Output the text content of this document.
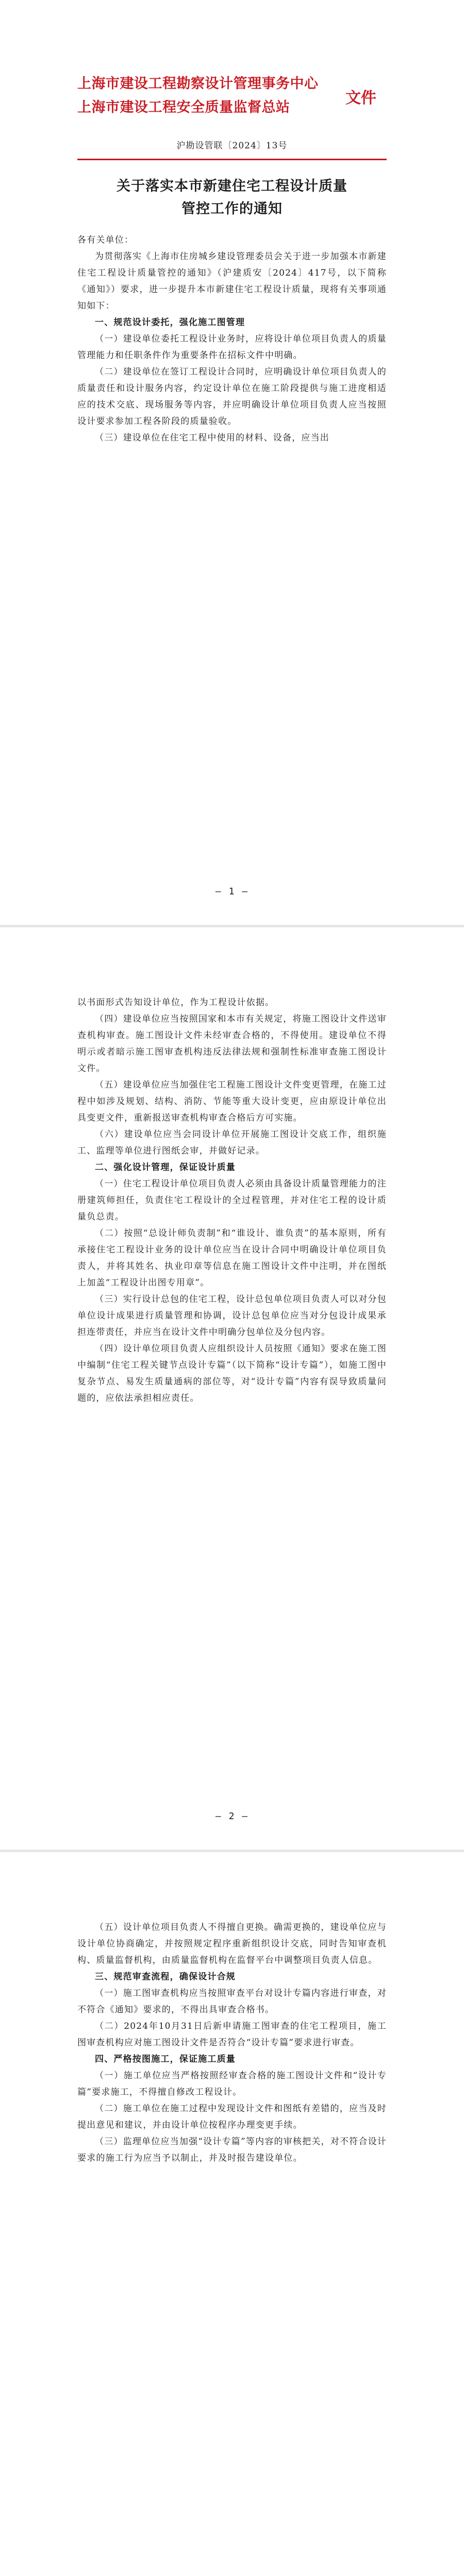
上海市建设工程勘察设计管理事务中心
上海市建设工程安全质量监督总站
文件
沪勘设管联〔2024〕13号
关于落实本市新建住宅工程设计质量
管控工作的通知
各有关单位：
为贯彻落实《上海市住房城乡建设管理委员会关于进一步加强本市新建住宅工程设计质量管控的通知》（沪建质安〔2024〕417号，以下简称《通知》）要求，进一步提升本市新建住宅工程设计质量，现将有关事项通知如下：
一、规范设计委托，强化施工图管理
（一）建设单位委托工程设计业务时，应将设计单位项目负责人的质量管理能力和任职条件作为重要条件在招标文件中明确。
（二）建设单位在签订工程设计合同时，应明确设计单位项目负责人的质量责任和设计服务内容，约定设计单位在施工阶段提供与施工进度相适应的技术交底、现场服务等内容，并应明确设计单位项目负责人应当按照设计要求参加工程各阶段的质量验收。
（三）建设单位在住宅工程中使用的材料、设备，应当出
— 1 —
以书面形式告知设计单位，作为工程设计依据。
（四）建设单位应当按照国家和本市有关规定，将施工图设计文件送审查机构审查。施工图设计文件未经审查合格的，不得使用。建设单位不得明示或者暗示施工图审查机构违反法律法规和强制性标准审查施工图设计文件。
（五）建设单位应当加强住宅工程施工图设计文件变更管理，在施工过程中如涉及规划、结构、消防、节能等重大设计变更，应由原设计单位出具变更文件，重新报送审查机构审查合格后方可实施。
（六）建设单位应当会同设计单位开展施工图设计交底工作，组织施工、监理等单位进行图纸会审，并做好记录。
二、强化设计管理，保证设计质量
（一）住宅工程设计单位项目负责人必须由具备设计质量管理能力的注册建筑师担任，负责住宅工程设计的全过程管理，并对住宅工程的设计质量负总责。
（二）按照“总设计师负责制”和“谁设计、谁负责”的基本原则，所有承接住宅工程设计业务的设计单位应当在设计合同中明确设计单位项目负责人，并将其姓名、执业印章等信息在施工图设计文件中注明，并在图纸上加盖“工程设计出图专用章”。
（三）实行设计总包的住宅工程，设计总包单位项目负责人可以对分包单位设计成果进行质量管理和协调，设计总包单位应当对分包设计成果承担连带责任，并应当在设计文件中明确分包单位及分包内容。
（四）设计单位项目负责人应组织设计人员按照《通知》要求在施工图中编制“住宅工程关键节点设计专篇”（以下简称“设计专篇”），如施工图中复杂节点、易发生质量通病的部位等，对“设计专篇”内容有误导致质量问题的，应依法承担相应责任。
— 2 —
（五）设计单位项目负责人不得擅自更换。确需更换的，建设单位应与设计单位协商确定，并按照规定程序重新组织设计交底，同时告知审查机构、质量监督机构，由质量监督机构在监督平台中调整项目负责人信息。
三、规范审查流程，确保设计合规
（一）施工图审查机构应当按照审查平台对设计专篇内容进行审查，对不符合《通知》要求的，不得出具审查合格书。
（二）2024年10月31日后新申请施工图审查的住宅工程项目，施工图审查机构应对施工图设计文件是否符合“设计专篇”要求进行审查。
四、严格按图施工，保证施工质量
（一）施工单位应当严格按照经审查合格的施工图设计文件和“设计专篇”要求施工，不得擅自修改工程设计。
（二）施工单位在施工过程中发现设计文件和图纸有差错的，应当及时提出意见和建议，并由设计单位按程序办理变更手续。
（三）监理单位应当加强“设计专篇”等内容的审核把关，对不符合设计要求的施工行为应当予以制止，并及时报告建设单位。
